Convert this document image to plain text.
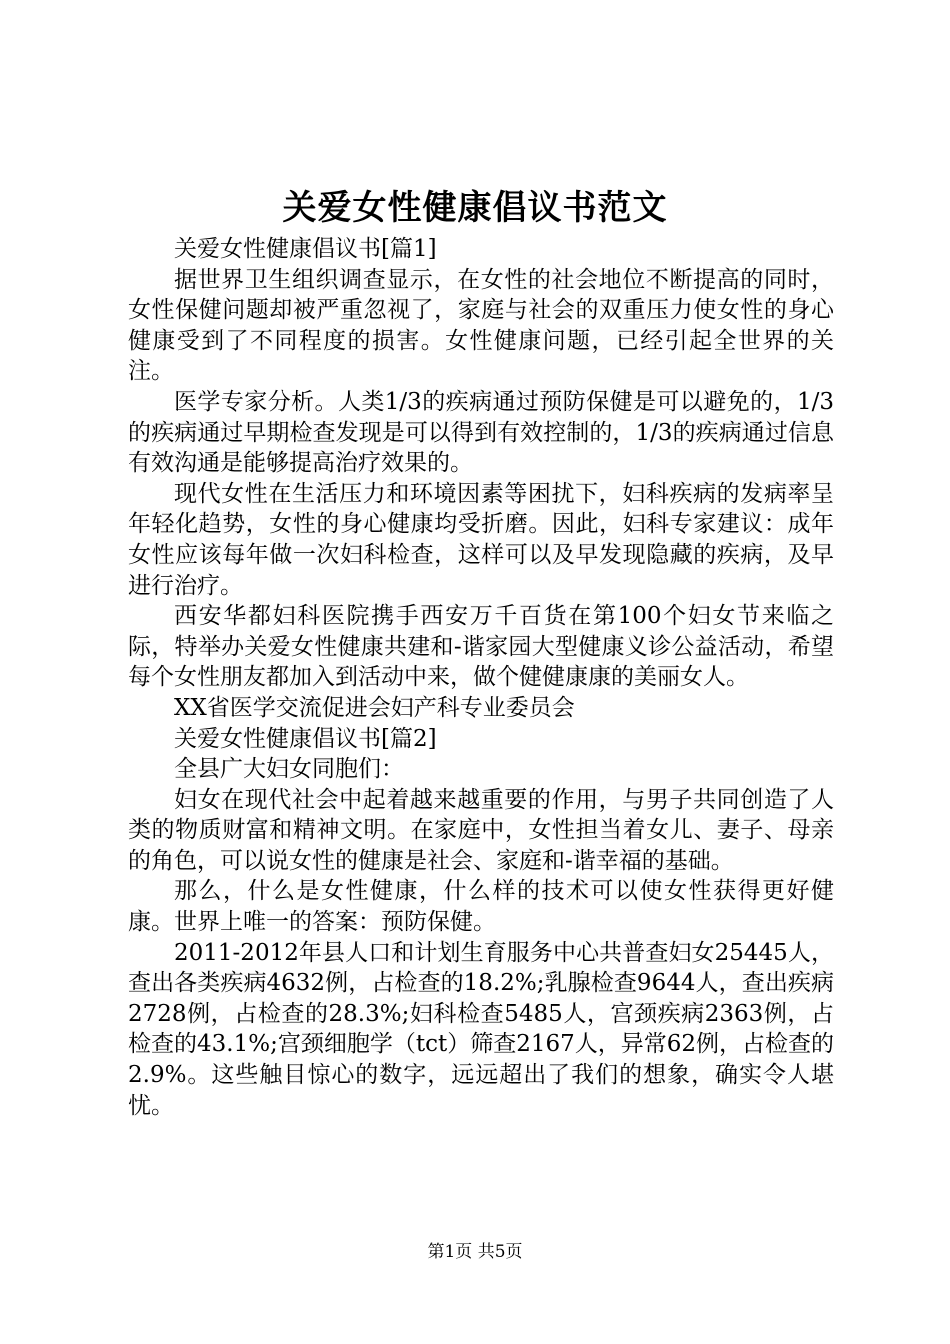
关爱女性健康倡议书范文

关爱女性健康倡议书[篇1]

据世界卫生组织调查显示，在女性的社会地位不断提高的同时，女性保健问题却被严重忽视了，家庭与社会的双重压力使女性的身心健康受到了不同程度的损害。女性健康问题，已经引起全世界的关注。

医学专家分析。人类1/3的疾病通过预防保健是可以避免的，1/3的疾病通过早期检查发现是可以得到有效控制的，1/3的疾病通过信息有效沟通是能够提高治疗效果的。

现代女性在生活压力和环境因素等困扰下，妇科疾病的发病率呈年轻化趋势，女性的身心健康均受折磨。因此，妇科专家建议：成年女性应该每年做一次妇科检查，这样可以及早发现隐藏的疾病，及早进行治疗。

西安华都妇科医院携手西安万千百货在第100个妇女节来临之际，特举办关爱女性健康共建和-谐家园大型健康义诊公益活动，希望每个女性朋友都加入到活动中来，做个健健康康的美丽女人。

XX省医学交流促进会妇产科专业委员会

关爱女性健康倡议书[篇2]

全县广大妇女同胞们：

妇女在现代社会中起着越来越重要的作用，与男子共同创造了人类的物质财富和精神文明。在家庭中，女性担当着女儿、妻子、母亲的角色，可以说女性的健康是社会、家庭和-谐幸福的基础。

那么，什么是女性健康，什么样的技术可以使女性获得更好健康。世界上唯一的答案：预防保健。

2011-2012年县人口和计划生育服务中心共普查妇女25445人，查出各类疾病4632例，占检查的18.2%;乳腺检查9644人，查出疾病2728例，占检查的28.3%;妇科检查5485人，宫颈疾病2363例，占检查的43.1%;宫颈细胞学（tct）筛查2167人，异常62例，占检查的2.9%。这些触目惊心的数字，远远超出了我们的想象，确实令人堪忧。

第1页 共5页
